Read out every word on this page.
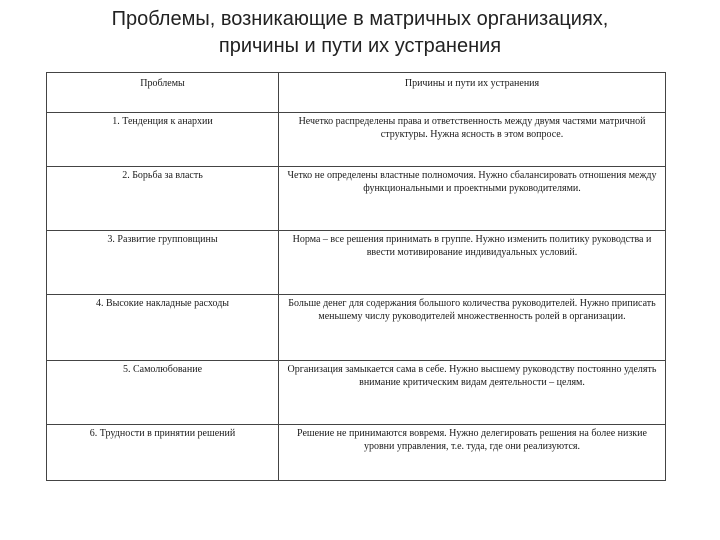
Проблемы, возникающие в матричных организациях,
причины и пути их устранения
Проблемы	Причины и пути их устранения
1. Тенденция к анархии	Нечетко распределены права и ответственность между двумя частями матричной структуры. Нужна ясность в этом вопросе.
2. Борьба за власть	Четко не определены властные полномочия. Нужно сбалансировать отношения между функциональными и проектными руководителями.
3. Развитие групповщины	Норма – все решения принимать в группе. Нужно изменить политику руководства и ввести мотивирование индивидуальных условий.
4. Высокие накладные расходы	Больше денег для содержания большого количества руководителей. Нужно приписать меньшему числу руководителей множественность ролей в организации.
5. Самолюбование	Организация замыкается сама в себе. Нужно высшему руководству постоянно уделять внимание критическим видам деятельности – целям.
6. Трудности в принятии решений	Решение не принимаются вовремя. Нужно делегировать решения на более низкие уровни управления, т.е. туда, где они реализуются.
